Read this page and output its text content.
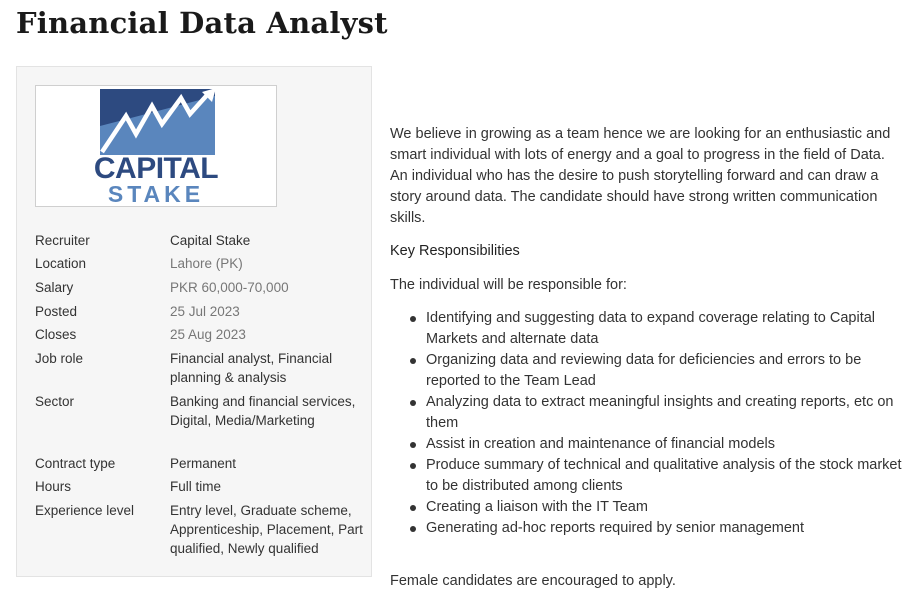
Financial Data Analyst
CAPITAL
STAKE
Recruiter	Capital Stake
Location	Lahore (PK)
Salary	PKR 60,000-70,000
Posted	25 Jul 2023
Closes	25 Aug 2023
Job role	Financial analyst, Financial planning & analysis
Sector	Banking and financial services, Digital, Media/Marketing
Contract type	Permanent
Hours	Full time
Experience level	Entry level, Graduate scheme, Apprenticeship, Placement, Part qualified, Newly qualified

We believe in growing as a team hence we are looking for an enthusiastic and smart individual with lots of energy and a goal to progress in the field of Data. An individual who has the desire to push storytelling forward and can draw a story around data. The candidate should have strong written communication skills.

Key Responsibilities

The individual will be responsible for:

Identifying and suggesting data to expand coverage relating to Capital Markets and alternate data
Organizing data and reviewing data for deficiencies and errors to be reported to the Team Lead
Analyzing data to extract meaningful insights and creating reports, etc on them
Assist in creation and maintenance of financial models
Produce summary of technical and qualitative analysis of the stock market to be distributed among clients
Creating a liaison with the IT Team
Generating ad-hoc reports required by senior management

Female candidates are encouraged to apply.
